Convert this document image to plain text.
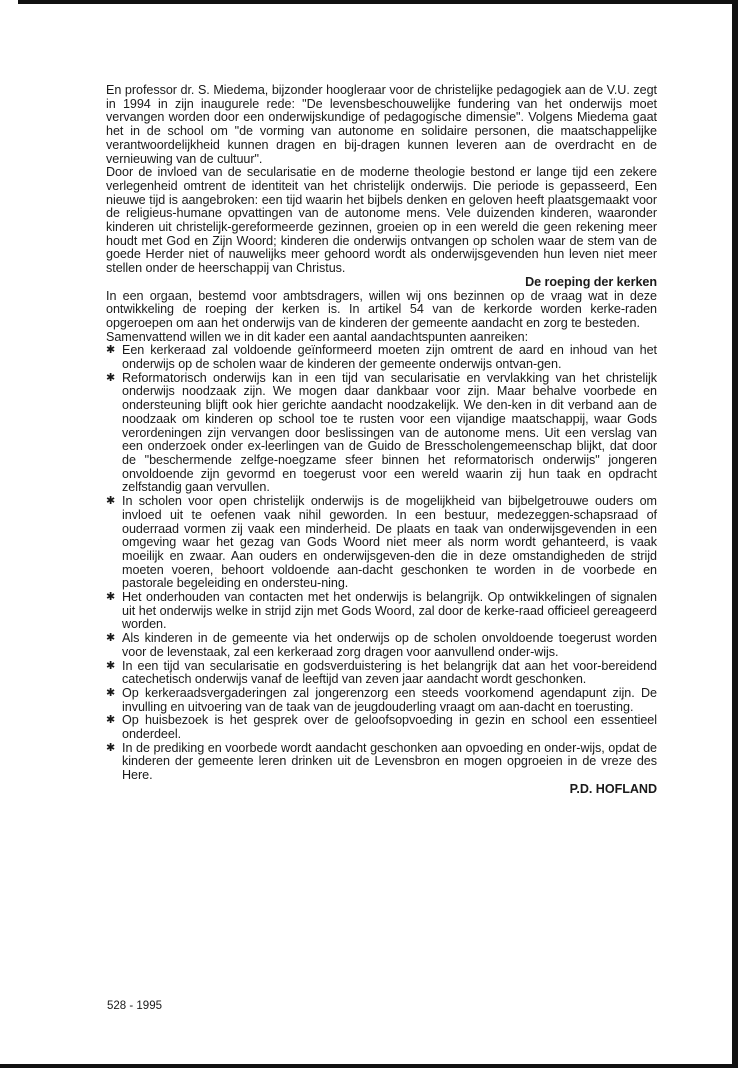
En professor dr. S. Miedema, bijzonder hoogleraar voor de christelijke pedagogiek aan de V.U. zegt in 1994 in zijn inaugurele rede: "De levensbeschouwelijke fundering van het onderwijs moet vervangen worden door een onderwijskundige of pedagogische dimensie". Volgens Miedema gaat het in de school om "de vorming van autonome en solidaire personen, die maatschappelijke verantwoordelijkheid kunnen dragen en bij-dragen kunnen leveren aan de overdracht en de vernieuwing van de cultuur".

Door de invloed van de secularisatie en de moderne theologie bestond er lange tijd een zekere verlegenheid omtrent de identiteit van het christelijk onderwijs. Die periode is gepasseerd, Een nieuwe tijd is aangebroken: een tijd waarin het bijbels denken en geloven heeft plaatsgemaakt voor de religieus-humane opvattingen van de autonome mens. Vele duizenden kinderen, waaronder kinderen uit christelijk-gereformeerde gezinnen, groeien op in een wereld die geen rekening meer houdt met God en Zijn Woord; kinderen die onderwijs ontvangen op scholen waar de stem van de goede Herder niet of nauwelijks meer gehoord wordt als onderwijsgevenden hun leven niet meer stellen onder de heerschappij van Christus.

De roeping der kerken

In een orgaan, bestemd voor ambtsdragers, willen wij ons bezinnen op de vraag wat in deze ontwikkeling de roeping der kerken is. In artikel 54 van de kerkorde worden kerke-raden opgeroepen om aan het onderwijs van de kinderen der gemeente aandacht en zorg te besteden.

Samenvattend willen we in dit kader een aantal aandachtspunten aanreiken:

✱ Een kerkeraad zal voldoende geïnformeerd moeten zijn omtrent de aard en inhoud van het onderwijs op de scholen waar de kinderen der gemeente onderwijs ontvan-gen.
✱ Reformatorisch onderwijs kan in een tijd van secularisatie en vervlakking van het christelijk onderwijs noodzaak zijn. We mogen daar dankbaar voor zijn. Maar behalve voorbede en ondersteuning blijft ook hier gerichte aandacht noodzakelijk. We den-ken in dit verband aan de noodzaak om kinderen op school toe te rusten voor een vijandige maatschappij, waar Gods verordeningen zijn vervangen door beslissingen van de autonome mens. Uit een verslag van een onderzoek onder ex-leerlingen van de Guido de Bresscholengemeenschap blijkt, dat door de "beschermende zelfge-noegzame sfeer binnen het reformatorisch onderwijs" jongeren onvoldoende zijn gevormd en toegerust voor een wereld waarin zij hun taak en opdracht zelfstandig gaan vervullen.
✱ In scholen voor open christelijk onderwijs is de mogelijkheid van bijbelgetrouwe ouders om invloed uit te oefenen vaak nihil geworden. In een bestuur, medezeggen-schapsraad of ouderraad vormen zij vaak een minderheid. De plaats en taak van onderwijsgevenden in een omgeving waar het gezag van Gods Woord niet meer als norm wordt gehanteerd, is vaak moeilijk en zwaar. Aan ouders en onderwijsgeven-den die in deze omstandigheden de strijd moeten voeren, behoort voldoende aan-dacht geschonken te worden in de voorbede en pastorale begeleiding en ondersteu-ning.
✱ Het onderhouden van contacten met het onderwijs is belangrijk. Op ontwikkelingen of signalen uit het onderwijs welke in strijd zijn met Gods Woord, zal door de kerke-raad officieel gereageerd worden.
✱ Als kinderen in de gemeente via het onderwijs op de scholen onvoldoende toegerust worden voor de levenstaak, zal een kerkeraad zorg dragen voor aanvullend onder-wijs.
✱ In een tijd van secularisatie en godsverduistering is het belangrijk dat aan het voor-bereidend catechetisch onderwijs vanaf de leeftijd van zeven jaar aandacht wordt geschonken.
✱ Op kerkeraadsvergaderingen zal jongerenzorg een steeds voorkomend agendapunt zijn. De invulling en uitvoering van de taak van de jeugdouderling vraagt om aan-dacht en toerusting.
✱ Op huisbezoek is het gesprek over de geloofsopvoeding in gezin en school een essentieel onderdeel.
✱ In de prediking en voorbede wordt aandacht geschonken aan opvoeding en onder-wijs, opdat de kinderen der gemeente leren drinken uit de Levensbron en mogen opgroeien in de vreze des Here.

P.D. HOFLAND

528 - 1995
